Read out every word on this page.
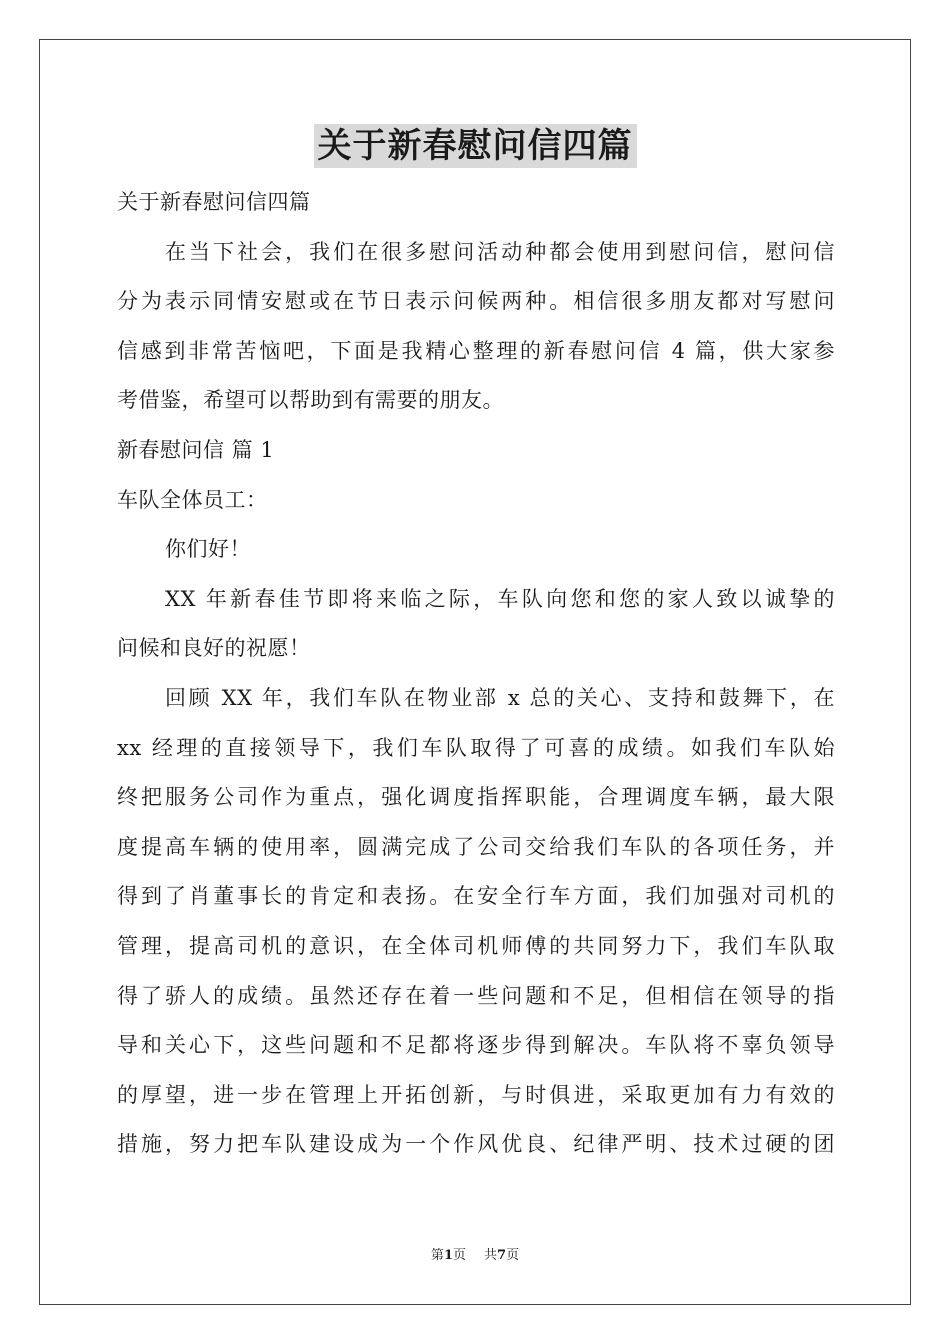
关于新春慰问信四篇
关于新春慰问信四篇
在当下社会，我们在很多慰问活动种都会使用到慰问信，慰问信
分为表示同情安慰或在节日表示问候两种。相信很多朋友都对写慰问
信感到非常苦恼吧，下面是我精心整理的新春慰问信 4 篇，供大家参
考借鉴，希望可以帮助到有需要的朋友。
新春慰问信 篇 1
车队全体员工：
你们好！
XX 年新春佳节即将来临之际，车队向您和您的家人致以诚挚的
问候和良好的祝愿！
回顾 XX 年，我们车队在物业部 x 总的关心、支持和鼓舞下，在
xx 经理的直接领导下，我们车队取得了可喜的成绩。如我们车队始
终把服务公司作为重点，强化调度指挥职能，合理调度车辆，最大限
度提高车辆的使用率，圆满完成了公司交给我们车队的各项任务，并
得到了肖董事长的肯定和表扬。在安全行车方面，我们加强对司机的
管理，提高司机的意识，在全体司机师傅的共同努力下，我们车队取
得了骄人的成绩。虽然还存在着一些问题和不足，但相信在领导的指
导和关心下，这些问题和不足都将逐步得到解决。车队将不辜负领导
的厚望，进一步在管理上开拓创新，与时俱进，采取更加有力有效的
措施，努力把车队建设成为一个作风优良、纪律严明、技术过硬的团
第1页 共7页
